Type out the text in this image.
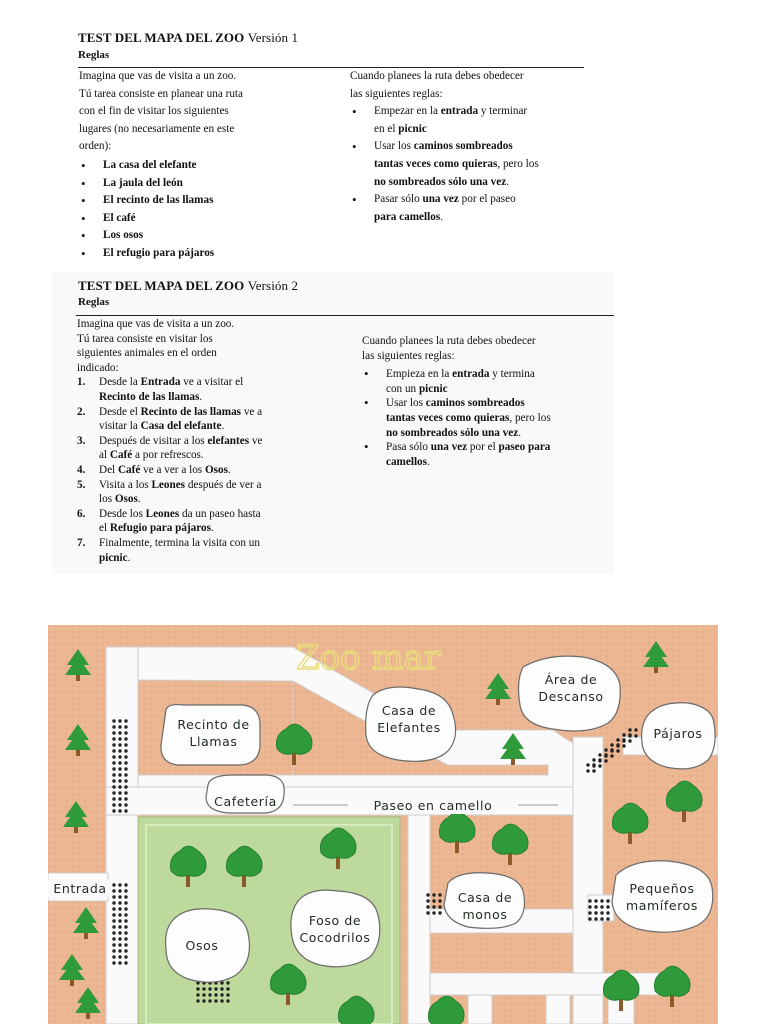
TEST DEL MAPA DEL ZOO Versión 1
Reglas
Imagina que vas de visita a un zoo.
Tú tarea consiste en planear una ruta
con el fin de visitar los siguientes
lugares (no necesariamente en este
orden):
• La casa del elefante
• La jaula del león
• El recinto de las llamas
• El café
• Los osos
• El refugio para pájaros
Cuando planees la ruta debes obedecer
las siguientes reglas:
• Empezar en la entrada y terminar
en el picnic
• Usar los caminos sombreados
tantas veces como quieras, pero los
no sombreados sólo una vez.
• Pasar sólo una vez por el paseo
para camellos.
TEST DEL MAPA DEL ZOO Versión 2
Reglas
Imagina que vas de visita a un zoo.
Tú tarea consiste en visitar los
siguientes animales en el orden
indicado:
1. Desde la Entrada ve a visitar el
Recinto de las llamas.
2. Desde el Recinto de las llamas ve a
visitar la Casa del elefante.
3. Después de visitar a los elefantes ve
al Café a por refrescos.
4. Del Café ve a ver a los Osos.
5. Visita a los Leones después de ver a
los Osos.
6. Desde los Leones da un paseo hasta
el Refugio para pájaros.
7. Finalmente, termina la visita con un
picnic.
Cuando planees la ruta debes obedecer
las siguientes reglas:
• Empieza en la entrada y termina
con un picnic
• Usar los caminos sombreados
tantas veces como quieras, pero los
no sombreados sólo una vez.
• Pasa sólo una vez por el paseo para
camellos.
Zoo mar
Recinto de
Llamas
Casa de
Elefantes
Área de
Descanso
Pájaros
Cafetería	Paseo en camello
Entrada
Casa de
monos
Pequeños
mamíferos
Foso de
Cocodrilos
Osos
